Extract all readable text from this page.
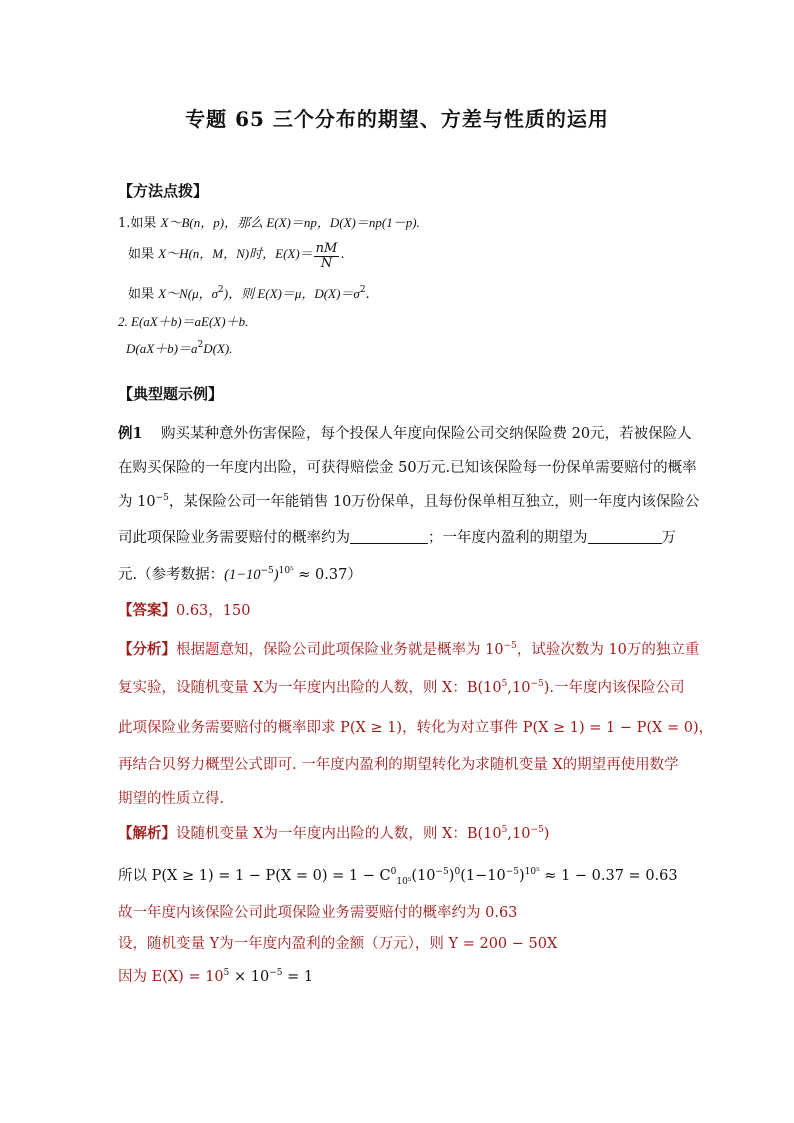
专题 65 三个分布的期望、方差与性质的运用
【方法点拨】
1.如果 X～B(n，p)，那么 E(X)＝np，D(X)＝np(1－p).
如果 X～H(n，M，N)时，$E(X)= \frac{nM}{N}$ .
如果 X～N(μ，$\sigma^2$)，则 E(X)＝μ，$D(X)=\sigma^2$.
2. E(aX＋b)＝aE(X)＋b.
$D(aX+b)=a^2D(X)$.
【典型题示例】
例1 购买某种意外伤害保险，每个投保人年度向保险公司交纳保险费 20元，若被保险人
在购买保险的一年度内出险，可获得赔偿金 50万元.已知该保险每一份保单需要赔付的概率
为 $10^{-5}$，某保险公司一年能销售 10万份保单，且每份保单相互独立，则一年度内该保险公
司此项保险业务需要赔付的概率约为	；一年度内盈利的期望为	万
元.（参考数据：$(1-10^{-5})^{10^5} \approx 0.37$）
【答案】0.63，150
【分析】根据题意知，保险公司此项保险业务就是概率为 $10^{-5}$，试验次数为 10万的独立重
复实验，设随机变量 X为一年度内出险的人数，则 X：$B(10^5,10^{-5})$.一年度内该保险公司
此项保险业务需要赔付的概率即求 P(X ≥ 1)，转化为对立事件 P(X ≥ 1) = 1 − P(X = 0)，
再结合贝努力概型公式即可. 一年度内盈利的期望转化为求随机变量 X的期望再使用数学
期望的性质立得.
【解析】设随机变量 X为一年度内出险的人数，则 X：$B(10^5,10^{-5})$
所以 $P(X \ge 1) = 1 - P(X = 0) = 1 - C^0_{10^5}(10^{-5})^0(1-10^{-5})^{10^5} \approx 1 - 0.37 = 0.63$
故一年度内该保险公司此项保险业务需要赔付的概率约为 0.63
设，随机变量 Y为一年度内盈利的金额（万元），则 Y = 200 − 50X
因为 $E(X) = 10^5 \times 10^{-5} = 1$
